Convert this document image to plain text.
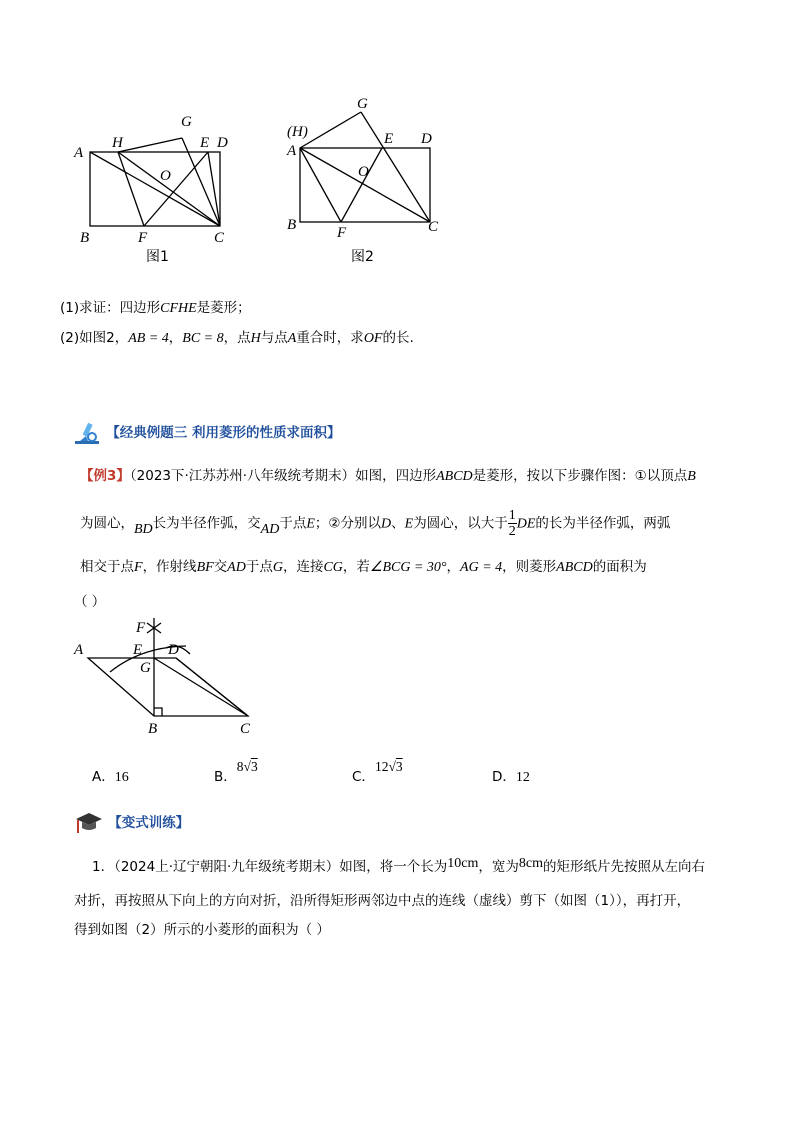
A
H
G
E D
O
B	F	C
图1
(H)
A
G
E D
O
B	F	C
图2
(1)求证：四边形CFHE是菱形；
(2)如图2，AB = 4，BC = 8，点H与点A重合时，求OF的长.
【经典例题三 利用菱形的性质求面积】
【例3】（2023下·江苏苏州·八年级统考期末）如图，四边形ABCD是菱形，按以下步骤作图：①以顶点B
为圆心，BD长为半径作弧，交AD于点E；②分别以D、E为圆心，以大于 $\frac{1}{2}$ DE的长为半径作弧，两弧
相交于点F，作射线BF交AD于点G，连接CG，若∠BCG = 30°，AG = 4，则菱形ABCD的面积为
（ ）
A
F
E D
G
B	C
A．16	B．8√3
C．12√3
D．12
【变式训练】
1．（2024上·辽宁朝阳·九年级统考期末）如图，将一个长为10cm，宽为8cm的矩形纸片先按照从左向右
对折，再按照从下向上的方向对折，沿所得矩形两邻边中点的连线（虚线）剪下（如图（1）），再打开，
得到如图（2）所示的小菱形的面积为（ ）
